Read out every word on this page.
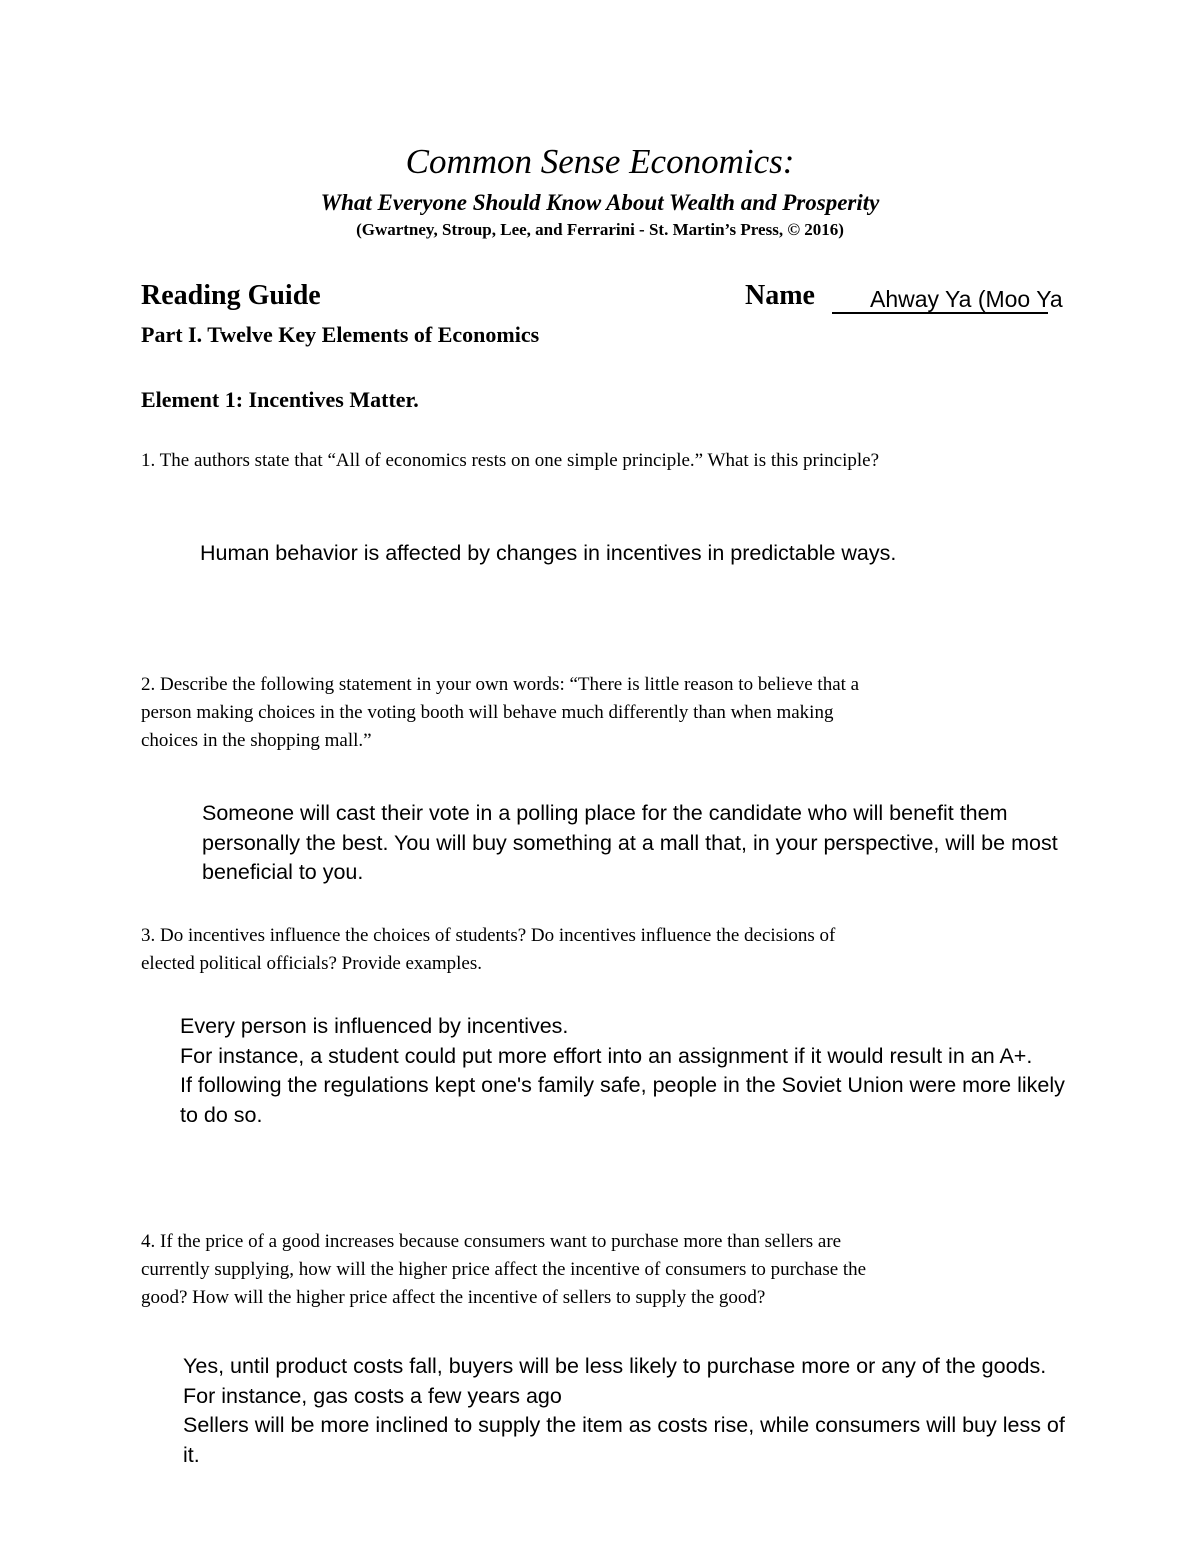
Common Sense Economics:
What Everyone Should Know About Wealth and Prosperity
(Gwartney, Stroup, Lee, and Ferrarini - St. Martin’s Press, © 2016)
Reading Guide	Name	Ahway Ya (Moo Ya
Part I. Twelve Key Elements of Economics
Element 1: Incentives Matter.
1. The authors state that “All of economics rests on one simple principle.” What is this principle?
Human behavior is affected by changes in incentives in predictable ways.
2. Describe the following statement in your own words: “There is little reason to believe that a
person making choices in the voting booth will behave much differently than when making
choices in the shopping mall.”
Someone will cast their vote in a polling place for the candidate who will benefit them
personally the best. You will buy something at a mall that, in your perspective, will be most
beneficial to you.
3. Do incentives influence the choices of students? Do incentives influence the decisions of
elected political officials? Provide examples.
Every person is influenced by incentives.
For instance, a student could put more effort into an assignment if it would result in an A+.
If following the regulations kept one's family safe, people in the Soviet Union were more likely
to do so.
4. If the price of a good increases because consumers want to purchase more than sellers are
currently supplying, how will the higher price affect the incentive of consumers to purchase the
good? How will the higher price affect the incentive of sellers to supply the good?
Yes, until product costs fall, buyers will be less likely to purchase more or any of the goods.
For instance, gas costs a few years ago
Sellers will be more inclined to supply the item as costs rise, while consumers will buy less of
it.
